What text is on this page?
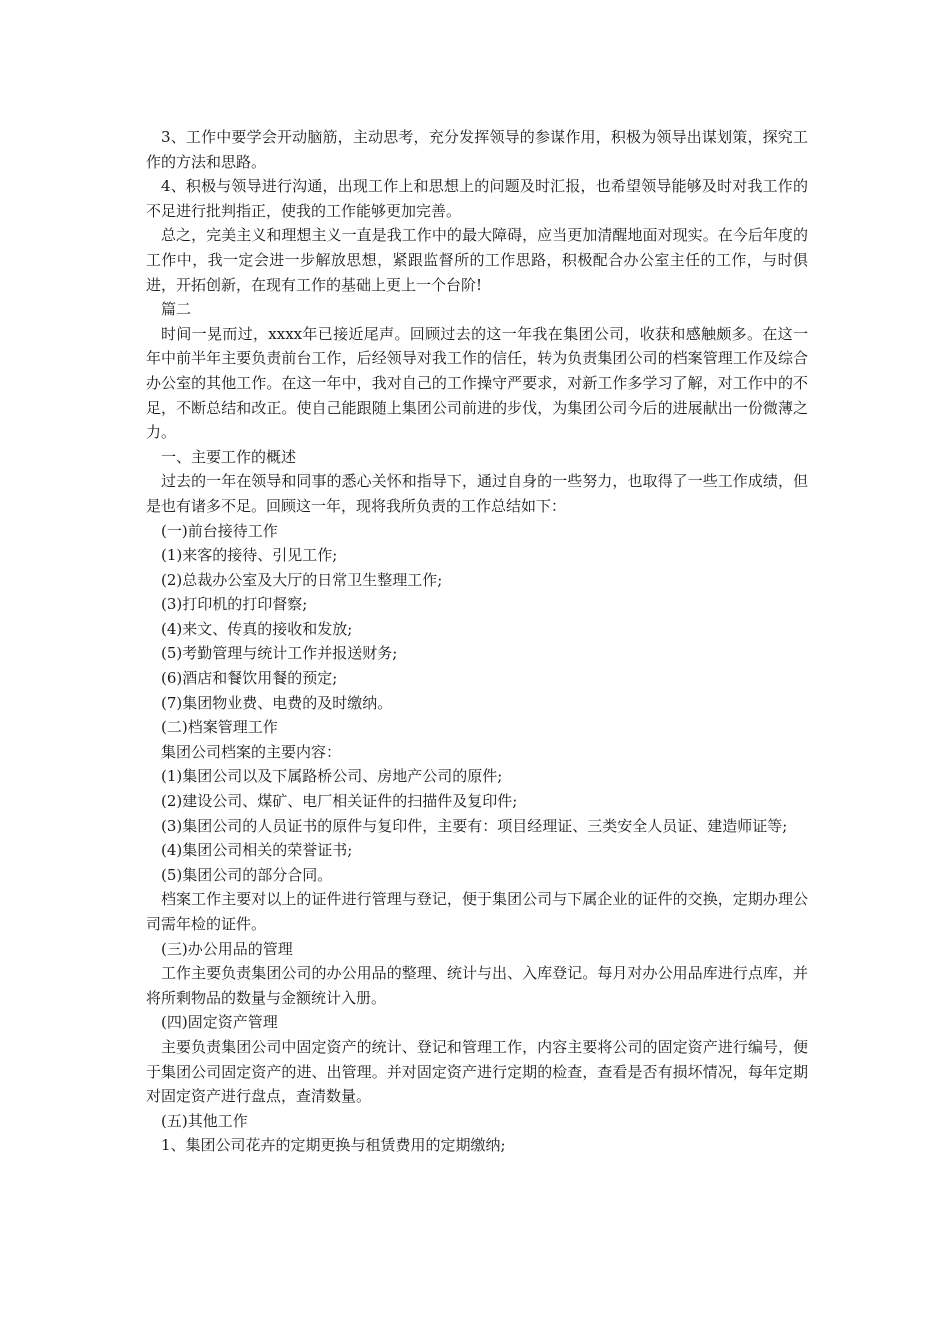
3、工作中要学会开动脑筋，主动思考，充分发挥领导的参谋作用，积极为领导出谋划策，探究工作的方法和思路。

4、积极与领导进行沟通，出现工作上和思想上的问题及时汇报，也希望领导能够及时对我工作的不足进行批判指正，使我的工作能够更加完善。

总之，完美主义和理想主义一直是我工作中的最大障碍，应当更加清醒地面对现实。在今后年度的工作中，我一定会进一步解放思想，紧跟监督所的工作思路，积极配合办公室主任的工作，与时俱进，开拓创新，在现有工作的基础上更上一个台阶!

篇二

时间一晃而过，xxxx年已接近尾声。回顾过去的这一年我在集团公司，收获和感触颇多。在这一年中前半年主要负责前台工作，后经领导对我工作的信任，转为负责集团公司的档案管理工作及综合办公室的其他工作。在这一年中，我对自己的工作操守严要求，对新工作多学习了解，对工作中的不足，不断总结和改正。使自己能跟随上集团公司前进的步伐，为集团公司今后的进展献出一份微薄之力。

一、主要工作的概述

过去的一年在领导和同事的悉心关怀和指导下，通过自身的一些努力，也取得了一些工作成绩，但是也有诸多不足。回顾这一年，现将我所负责的工作总结如下：

(一)前台接待工作

(1)来客的接待、引见工作;

(2)总裁办公室及大厅的日常卫生整理工作;

(3)打印机的打印督察;

(4)来文、传真的接收和发放;

(5)考勤管理与统计工作并报送财务;

(6)酒店和餐饮用餐的预定;

(7)集团物业费、电费的及时缴纳。

(二)档案管理工作

集团公司档案的主要内容：

(1)集团公司以及下属路桥公司、房地产公司的原件;

(2)建设公司、煤矿、电厂相关证件的扫描件及复印件;

(3)集团公司的人员证书的原件与复印件，主要有：项目经理证、三类安全人员证、建造师证等;

(4)集团公司相关的荣誉证书;

(5)集团公司的部分合同。

档案工作主要对以上的证件进行管理与登记，便于集团公司与下属企业的证件的交换，定期办理公司需年检的证件。

(三)办公用品的管理

工作主要负责集团公司的办公用品的整理、统计与出、入库登记。每月对办公用品库进行点库，并将所剩物品的数量与金额统计入册。

(四)固定资产管理

主要负责集团公司中固定资产的统计、登记和管理工作，内容主要将公司的固定资产进行编号，便于集团公司固定资产的进、出管理。并对固定资产进行定期的检查，查看是否有损坏情况，每年定期对固定资产进行盘点，查清数量。

(五)其他工作

1、集团公司花卉的定期更换与租赁费用的定期缴纳;
